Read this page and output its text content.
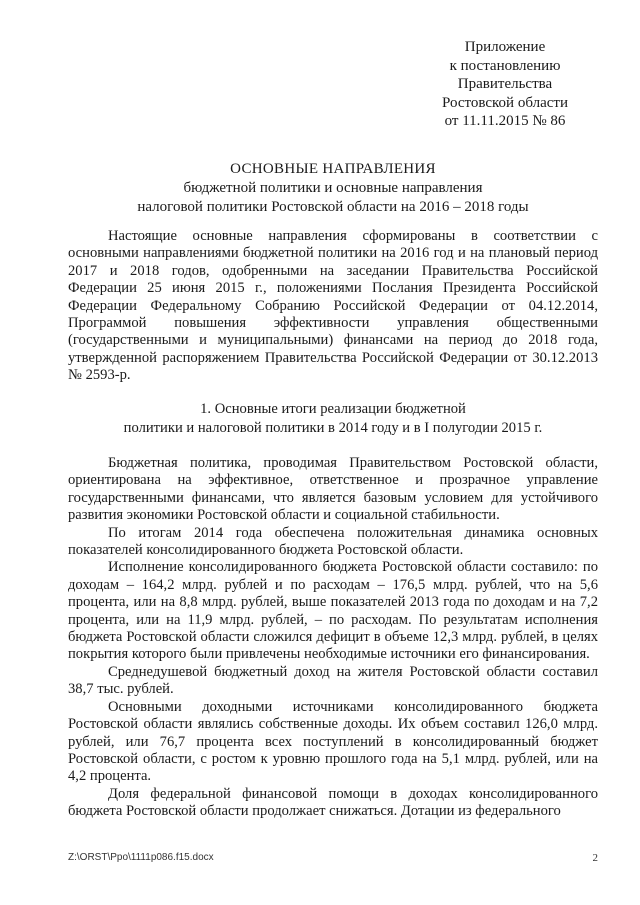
Приложение
к постановлению
Правительства
Ростовской области
от 11.11.2015 № 86
ОСНОВНЫЕ НАПРАВЛЕНИЯ
бюджетной политики и основные направления
налоговой политики Ростовской области на 2016 – 2018 годы

Настоящие основные направления сформированы в соответствии с основными направлениями бюджетной политики на 2016 год и на плановый период 2017 и 2018 годов, одобренными на заседании Правительства Российской Федерации 25 июня 2015 г., положениями Послания Президента Российской Федерации Федеральному Собранию Российской Федерации от 04.12.2014, Программой повышения эффективности управления общественными (государственными и муниципальными) финансами на период до 2018 года, утвержденной распоряжением Правительства Российской Федерации от 30.12.2013 № 2593-р.

1. Основные итоги реализации бюджетной
политики и налоговой политики в 2014 году и в I полугодии 2015 г.

Бюджетная политика, проводимая Правительством Ростовской области, ориентирована на эффективное, ответственное и прозрачное управление государственными финансами, что является базовым условием для устойчивого развития экономики Ростовской области и социальной стабильности.

По итогам 2014 года обеспечена положительная динамика основных показателей консолидированного бюджета Ростовской области.

Исполнение консолидированного бюджета Ростовской области составило: по доходам – 164,2 млрд. рублей и по расходам – 176,5 млрд. рублей, что на 5,6 процента, или на 8,8 млрд. рублей, выше показателей 2013 года по доходам и на 7,2 процента, или на 11,9 млрд. рублей, – по расходам. По результатам исполнения бюджета Ростовской области сложился дефицит в объеме 12,3 млрд. рублей, в целях покрытия которого были привлечены необходимые источники его финансирования.

Среднедушевой бюджетный доход на жителя Ростовской области составил 38,7 тыс. рублей.

Основными доходными источниками консолидированного бюджета Ростовской области являлись собственные доходы. Их объем составил 126,0 млрд. рублей, или 76,7 процента всех поступлений в консолидированный бюджет Ростовской области, с ростом к уровню прошлого года на 5,1 млрд. рублей, или на 4,2 процента.

Доля федеральной финансовой помощи в доходах консолидированного бюджета Ростовской области продолжает снижаться. Дотации из федерального

Z:\ORST\Ppo\1111p086.f15.docx	2
